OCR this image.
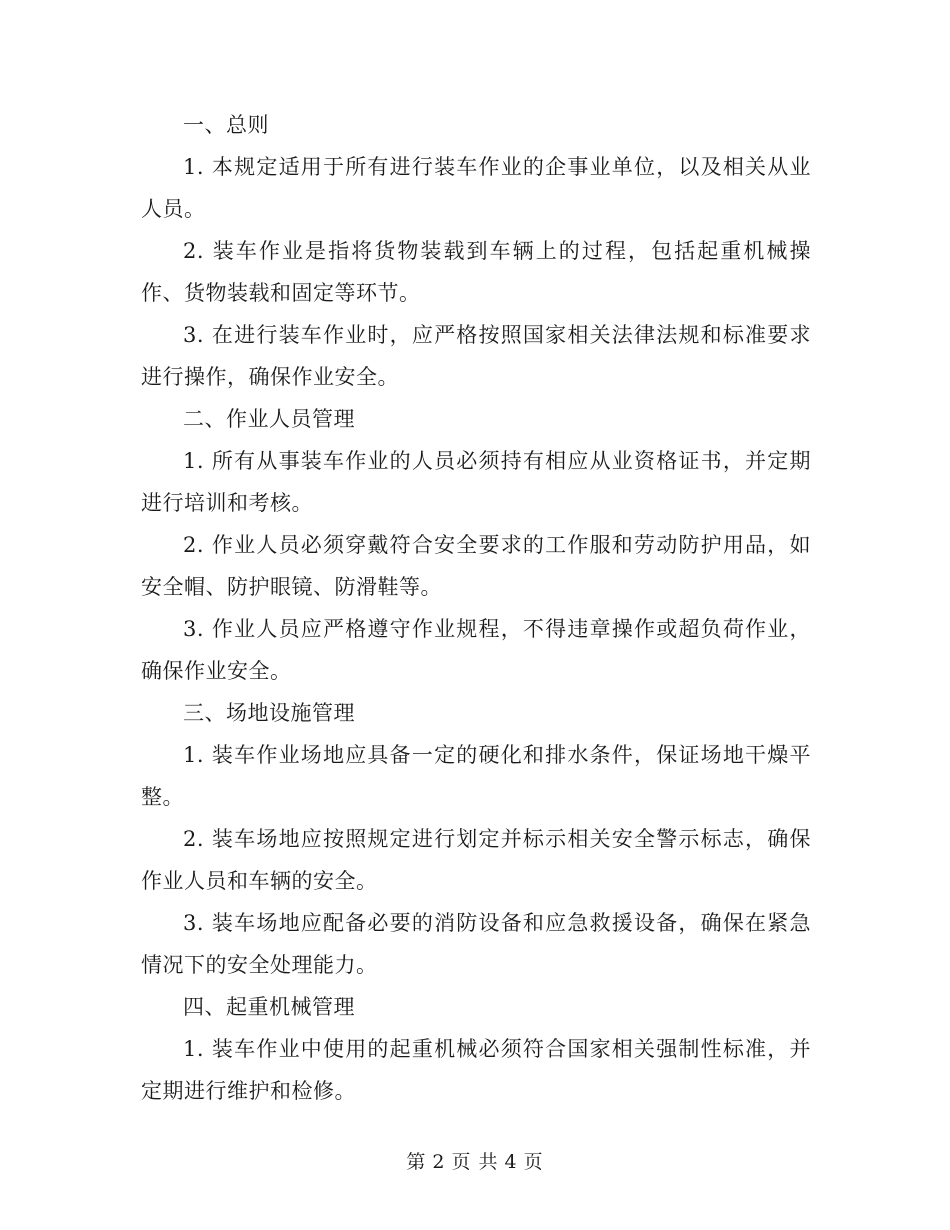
一、总则

1. 本规定适用于所有进行装车作业的企事业单位，以及相关从业人员。

2. 装车作业是指将货物装载到车辆上的过程，包括起重机械操作、货物装载和固定等环节。

3. 在进行装车作业时，应严格按照国家相关法律法规和标准要求进行操作，确保作业安全。

二、作业人员管理

1. 所有从事装车作业的人员必须持有相应从业资格证书，并定期进行培训和考核。

2. 作业人员必须穿戴符合安全要求的工作服和劳动防护用品，如安全帽、防护眼镜、防滑鞋等。

3. 作业人员应严格遵守作业规程，不得违章操作或超负荷作业，确保作业安全。

三、场地设施管理

1. 装车作业场地应具备一定的硬化和排水条件，保证场地干燥平整。

2. 装车场地应按照规定进行划定并标示相关安全警示标志，确保作业人员和车辆的安全。

3. 装车场地应配备必要的消防设备和应急救援设备，确保在紧急情况下的安全处理能力。

四、起重机械管理

1. 装车作业中使用的起重机械必须符合国家相关强制性标准，并定期进行维护和检修。

第 2 页 共 4 页
